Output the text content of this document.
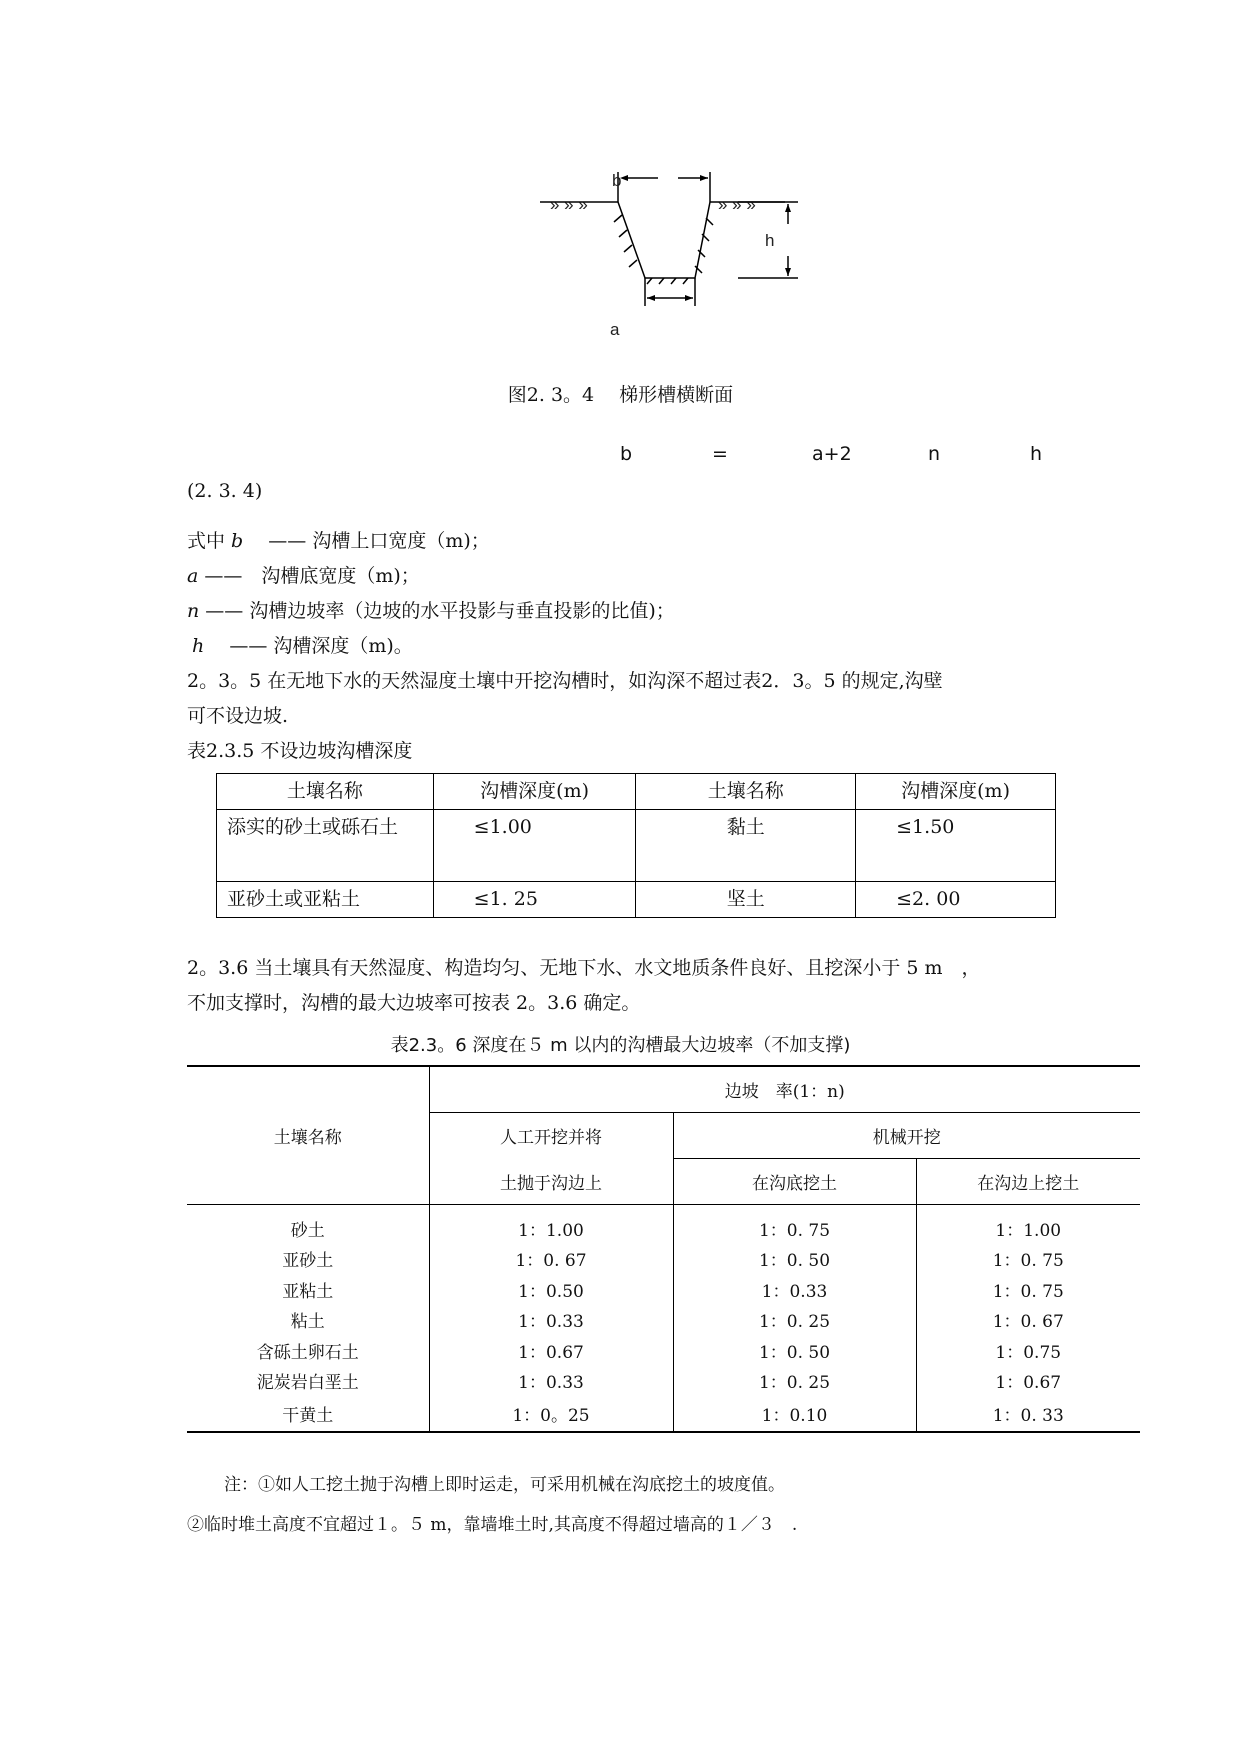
» » »	» » »
b
h
a
图2. 3。4　 梯形槽横断面
b	=	a+2	n	h
(2. 3. 4)
式中 b 　 —— 沟槽上口宽度（m)；
a ——　沟槽底宽度（m)；
n —— 沟槽边坡率（边坡的水平投影与垂直投影的比值)；
h 　 —— 沟槽深度（m)。
2。3。5 在无地下水的天然湿度土壤中开挖沟槽时，如沟深不超过表2．3。5 的规定,沟壁
可不设边坡.
表2.3.5 不设边坡沟槽深度
土壤名称	沟槽深度(m)	土壤名称	沟槽深度(m)
添实的砂土或砾石土	≤1.00	黏土	≤1.50
亚砂土或亚粘土	≤1. 25	坚土	≤2. 00
2。3.6 当土壤具有天然湿度、构造均匀、无地下水、水文地质条件良好、且挖深小于 5 m　，
不加支撑时，沟槽的最大边坡率可按表 2。3.6 确定。
表2.3。6 深度在５ m 以内的沟槽最大边坡率（不加支撑)
土壤名称	边坡　率(1：n)		
	人工开挖并将	机械开挖	
	土抛于沟边上	在沟底挖土	在沟边上挖土
砂土	1：1.00	1：0. 75	1：1.00
亚砂土	1：0. 67	1：0. 50	1：0. 75
亚粘土	1：0.50	1：0.33	1：0. 75
粘土	1：0.33	1：0. 25	1：0. 67
含砾土卵石土	1：0.67	1：0. 50	1：0.75
泥炭岩白垩土	1：0.33	1：0. 25	1：0.67
干黄土	1：0。25	1：0.10	1：0. 33
注：①如人工挖土抛于沟槽上即时运走，可采用机械在沟底挖土的坡度值。
②临时堆土高度不宜超过１。５ m，靠墙堆土时,其高度不得超过墙高的１／３　.
